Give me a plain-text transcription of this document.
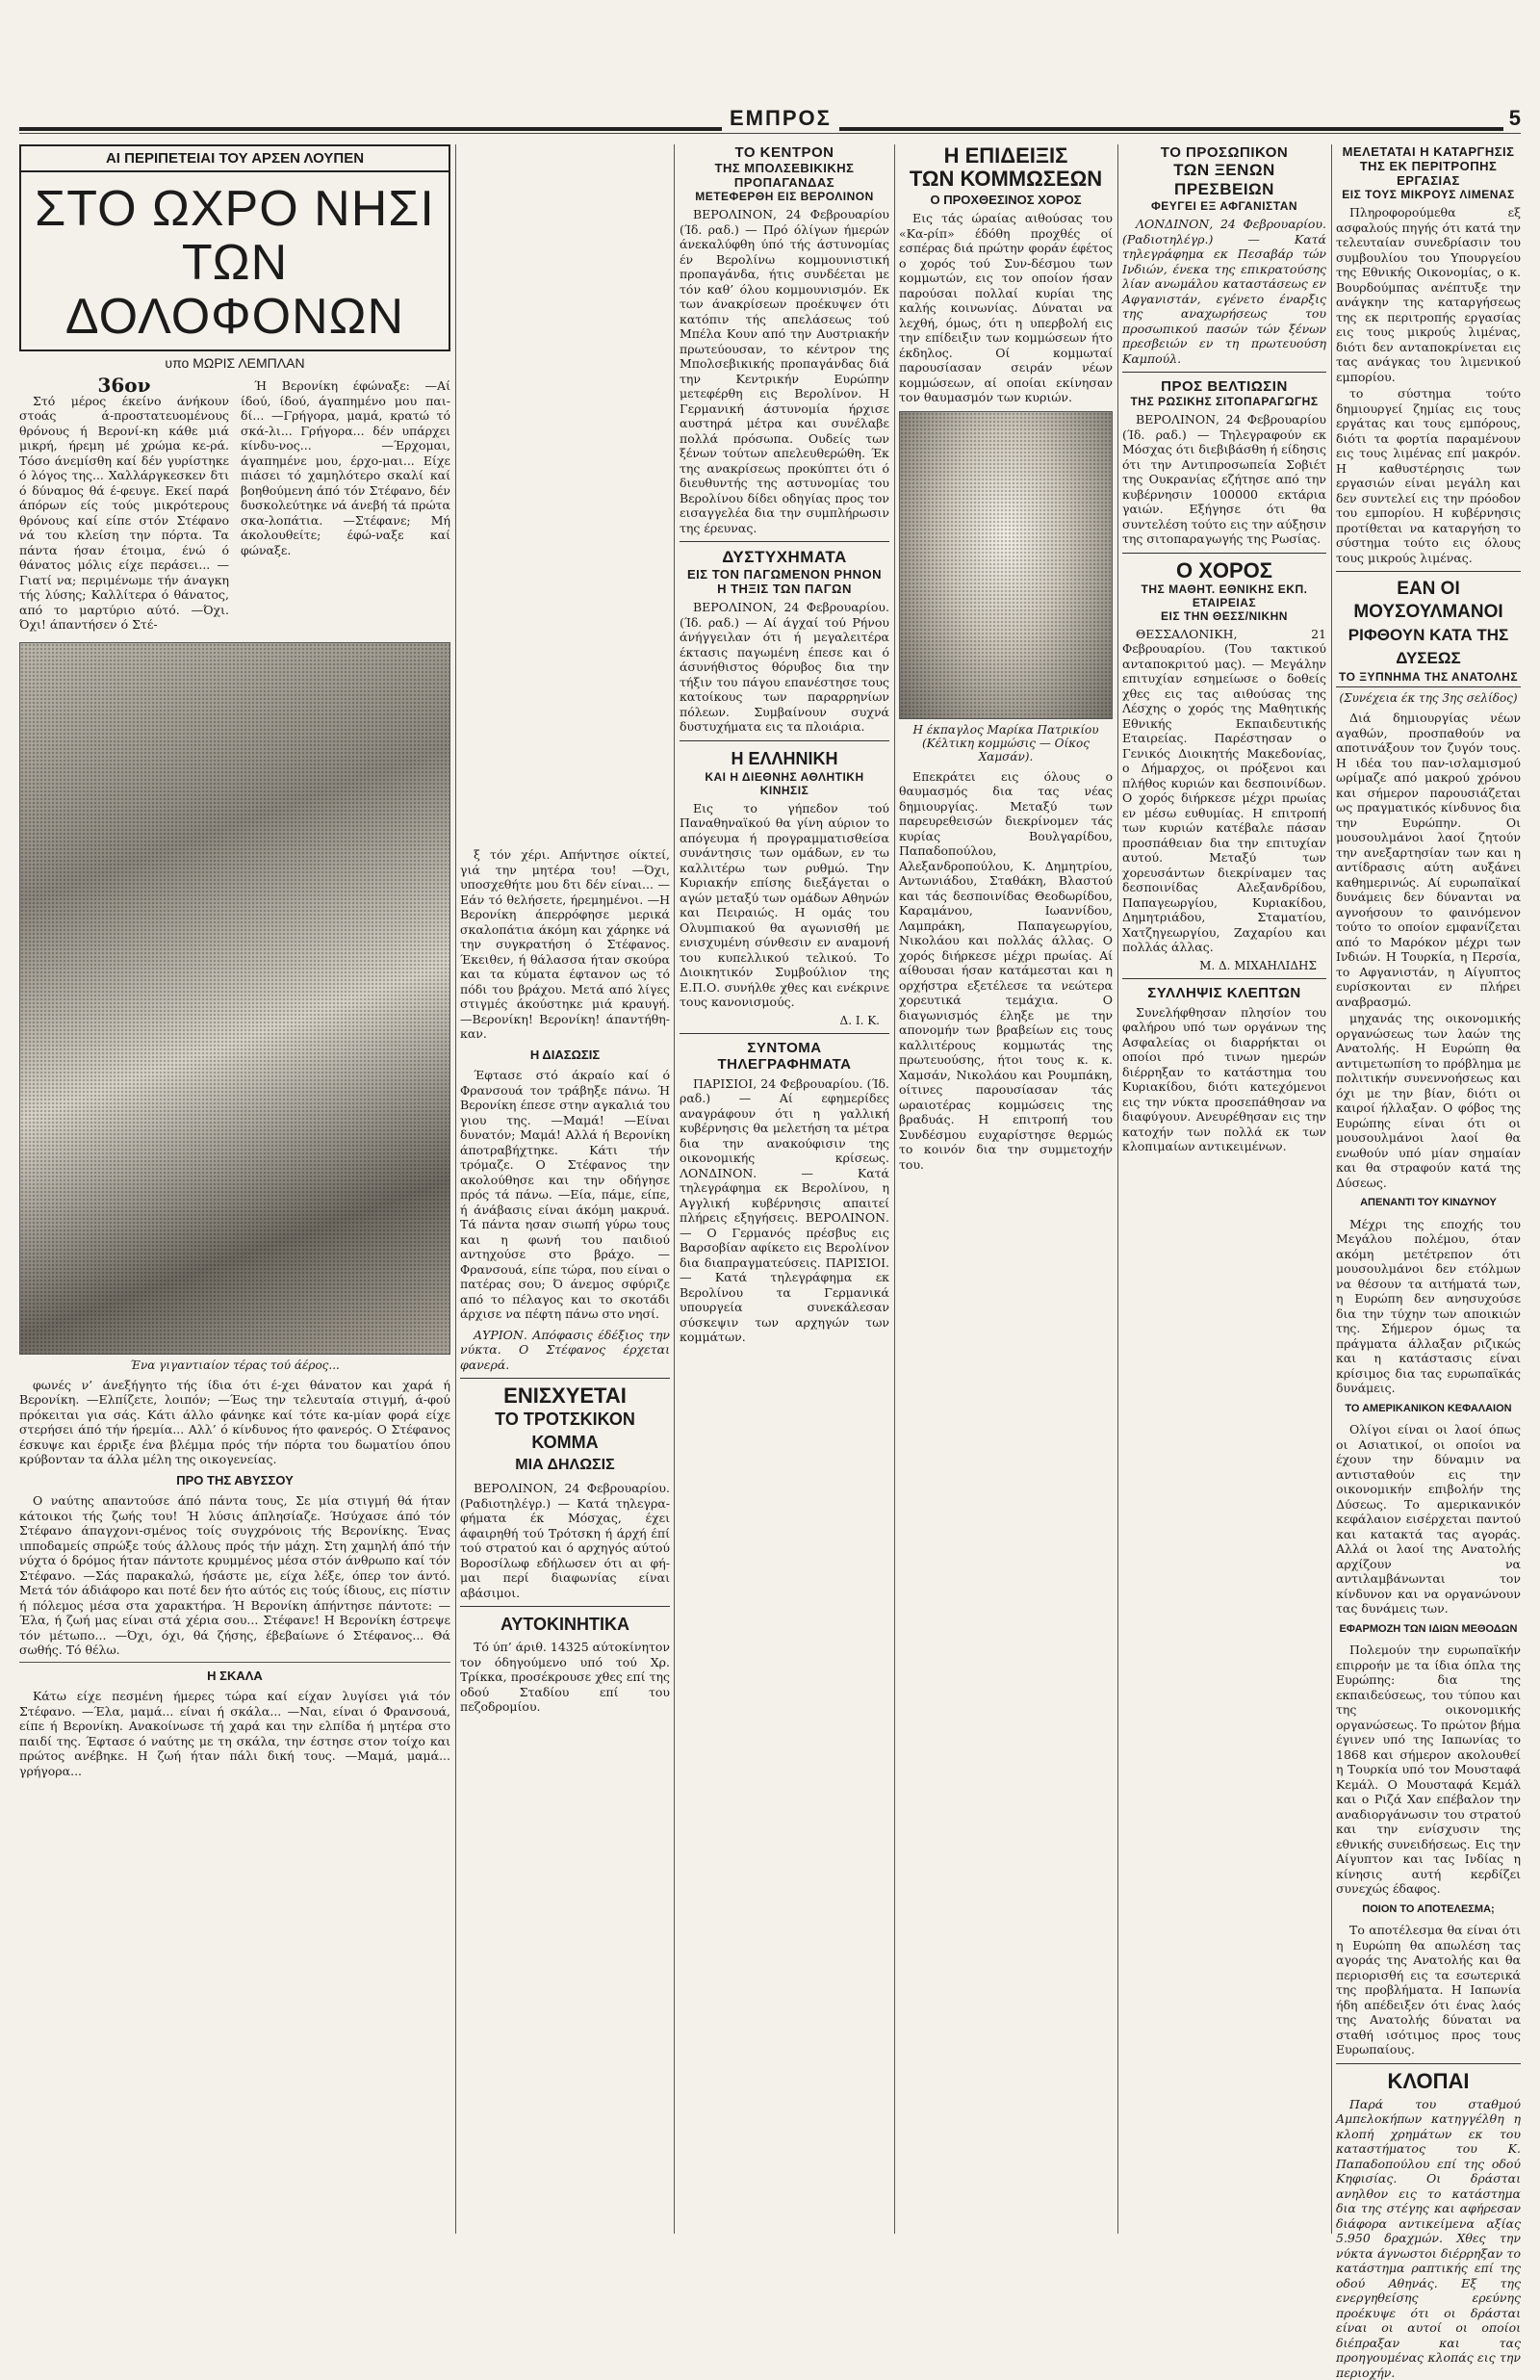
ΕΜΠΡΟΣ	5
AI ΠΕΡΙΠΕΤΕΙΑΙ ΤΟΥ ΑΡΣΕΝ ΛΟΥΠΕΝ
ΣΤΟ ΩΧΡΟ ΝΗΣΙ
ΤΩΝ ΔΟΛΟΦΟΝΩΝ
υπο ΜΩΡΙΣ ΛΕΜΠΛΑΝ
36ον

Στό μέρος έκείνο άνήκουν στοάς ά-προστατευομένους θρόνους ή Βερονί-κη κάθε μιά μικρή, ήρεμη μέ χρώμα κε-ρά. Τόσο άνεμίσθη καί δέν γυρίστηκε ό λόγος της... Χαλλάργκεσκεν δτι ό δύναμος θά έ-φευγε. Εκεί παρά άπόρων είς τούς μικρότερους θρόνους καί είπε στόν Στέφανο νά του κλείση την πόρτα. Τα πάντα ήσαν έτοιμα, ένώ ό θάνατος μόλις είχε περάσει... —Γιατί να; περιμένωμε τήν άναγκη τής λύσης; Καλλίτερα ό θάνατος, από το μαρτύριο αύτό. —Όχι. Όχι! άπαντήσεν ό Στέ-

Ή Βερονίκη έφώναξε: —Αί ίδού, ίδού, άγαπημένο μου παι-δί... —Γρήγορα, μαμά, κρατώ τό σκά-λι... Γρήγορα... δέν υπάρχει κίνδυ-νος... —Έρχομαι, άγαπημένε μου, έρχο-μαι... Είχε πιάσει τό χαμηλότερο σκαλί καί βοηθούμενη άπό τόν Στέφανο, δέν δυσκολεύτηκε νά άνεβή τά πρώτα σκα-λοπάτια. —Στέφανε; Μή άκολουθείτε; έφώ-ναξε καί φώναξε.

Ένα γιγαντιαίον τέρας τού άέρος...

φωνές ν’ άνεξήγητο τής ίδια ότι έ-χει θάνατον και χαρά ή Βερονίκη. —Ελπίζετε, λοιπόν; —Έως την τελευταία στιγμή, ά-φού πρόκειται για σάς. Κάτι άλλο φάνηκε καί τότε κα-μίαν φορά είχε στερήσει άπό τήν ήρεμία... Αλλ’ ό κίνδυνος ήτο φανερός. Ο Στέφανος έσκυψε και έρριξε ένα βλέμμα πρός τήν πόρτα του δωματίου όπου κρύβονταν τα άλλα μέλη της οικογενείας.

ΠΡΟ ΤΗΣ ΑΒΥΣΣΟΥ

Ο ναύτης απαντούσε άπό πάντα τους, Σε μία στιγμή θά ήταν κάτοικοι τής ζωής του! Ή λύσις άπλησίαζε. Ήσύχασε άπό τόν Στέφανο άπαγχονι-σμένος τοίς συγχρόνοις τής Βερονίκης. Ένας ιπποδαμείς σπρώξε τούς άλλους πρός τήν μάχη. Στη χαμηλή άπό τήν νύχτα ό δρόμος ήταν πάντοτε κρυμμένος μέσα στόν άνθρωπο καί τόν Στέφανο. —Σάς παρακαλώ, ήσάστε με, είχα λέξε, όπερ τον άντό. Μετά τόν άδιάφορο και ποτέ δεν ήτο αύτός εις τούς ίδιους, εις πίστιν ή πόλεμος μέσα στα χαρακτήρα. Ή Βερονίκη άπήντησε πάντοτε: —Έλα, ή ζωή μας είναι στά χέρια σου... Στέφανε! Η Βερονίκη έστρεψε τόν μέτωπο... —Όχι, όχι, θά ζήσης, έβεβαίωνε ό Στέφανος... Θά σωθής. Τό θέλω.

Η ΣΚΑΛΑ

Κάτω είχε πεσμένη ήμερες τώρα καί είχαν λυγίσει γιά τόν Στέφανο. —Έλα, μαμά... είναι ή σκάλα... —Ναι, είναι ό Φρανσουά, είπε ή Βερονίκη. Ανακοίνωσε τή χαρά και την ελπίδα ή μητέρα στο παιδί της. Έφτασε ό ναύτης με τη σκάλα, την έστησε στον τοίχο και πρώτος ανέβηκε. Η ζωή ήταν πάλι δική τους. —Μαμά, μαμά... γρήγορα...

ξ τόν χέρι. Απήντησε οίκτεί, γιά την μητέρα του! —Όχι, υποσχεθήτε μου δτι δέν είναι... —Εάν τό θελήσετε, ήρεμημένοι. —Η Βερονίκη άπερρόφησε μερικά σκαλοπάτια άκόμη και χάρηκε νά την συγκρατήση ό Στέφανος. Έκειθεν, ή θάλασσα ήταν σκούρα και τα κύματα έφτανον ως τό πόδι του βράχου. Μετά από λίγες στιγμές άκούστηκε μιά κραυγή. —Βερονίκη! Βερονίκη! άπαντήθη-καν.

Η ΔΙΑΣΩΣΙΣ

Έφτασε στό άκραίο καί ό Φρανσουά τον τράβηξε πάνω. Ή Βερονίκη έπεσε στην αγκαλιά του γιου της. —Μαμά! —Είναι δυνατόν; Μαμά! Αλλά ή Βερονίκη άποτραβήχτηκε. Κάτι τήν τρόμαζε. Ο Στέφανος την ακολούθησε και την οδήγησε πρός τά πάνω. —Εία, πάμε, είπε, ή άνάβασις είναι άκόμη μακρυά. Τά πάντα ησαν σιωπή γύρω τους και η φωνή του παιδιού αντηχούσε στο βράχο. —Φρανσουά, είπε τώρα, που είναι ο πατέρας σου; Ό άνεμος σφύριζε από το πέλαγος και το σκοτάδι άρχισε να πέφτη πάνω στο νησί.

ΑΥΡΙΟΝ. Απόφασις έδέξιος την νύκτα. Ο Στέφανος έρχεται φανερά.

ΕΝΙΣΧΥΕΤΑΙ
ΤΟ ΤΡΟΤΣΚΙΚΟΝ ΚΟΜΜΑ
ΜΙΑ ΔΗΛΩΣΙΣ

ΒΕΡΟΛΙΝΟΝ, 24 Φεβρουαρίου. (Ραδιοτηλέγρ.) — Κατά τηλεγρα-φήματα έκ Μόσχας, έχει άφαιρηθή τού Τρότσκη ή άρχή έπί τού στρατού και ό αρχηγός αύτού Βοροσίλωφ εδήλωσεν ότι αι φή-μαι περί διαφωνίας είναι αβάσιμοι.

ΑΥΤΟΚΙΝΗΤΙΚΑ

Τό ύπ’ άριθ. 14325 αύτοκίνητον τον όδηγούμενο υπό τού Χρ. Τρίκκα, προσέκρουσε χθες επί της οδού Σταδίου επί του πεζοδρομίου.

ΤΟ ΚΕΝΤΡΟΝ
ΤΗΣ ΜΠΟΛΣΕΒΙΚΙΚΗΣ ΠΡΟΠΑΓΑΝΔΑΣ
ΜΕΤΕΦΕΡΘΗ ΕΙΣ ΒΕΡΟΛΙΝΟΝ

ΒΕΡΟΛΙΝΟΝ, 24 Φεβρουαρίου (Ίδ. ραδ.) — Πρό όλίγων ήμερών άνεκαλύφθη ύπό τής άστυνομίας έν Βερολίνω κομμουνιστική προπαγάνδα, ήτις συνδέεται με τόν καθ’ όλου κομμουνισμόν. Εκ των άνακρίσεων προέκυψεν ότι κατόπιν τής απελάσεως τού Μπέλα Κουν από την Αυστριακήν πρωτεύουσαν, το κέντρον της Μπολσεβικικής προπαγάνδας διά την Κεντρικήν Ευρώπην μετεφέρθη εις Βερολίνον. Η Γερμανική άστυνομία ήρχισε αυστηρά μέτρα και συνέλαβε πολλά πρόσωπα. Ουδείς των ξένων τούτων απελευθερώθη. Έκ της ανακρίσεως προκύπτει ότι ό διευθυντής της αστυνομίας του Βερολίνου δίδει οδηγίας προς τον εισαγγελέα δια την συμπλήρωσιν της έρευνας.

ΔΥΣΤΥΧΗΜΑΤΑ
ΕΙΣ ΤΟΝ ΠΑΓΩΜΕΝΟΝ ΡΗΝΟΝ
Η ΤΗΞΙΣ ΤΩΝ ΠΑΓΩΝ

ΒΕΡΟΛΙΝΟΝ, 24 Φεβρουαρίου. (Ίδ. ραδ.) — Αί άγχαί τού Ρήνου άνήγγειλαν ότι ή μεγαλειτέρα έκτασις παγωμένη έπεσε και ό άσυνήθιστος θόρυβος δια την τήξιν του πάγου επανέστησε τους κατοίκους των παραρρηνίων πόλεων. Συμβαίνουν συχνά δυστυχήματα εις τα πλοιάρια.

Η ΕΛΛΗΝΙΚΗ
ΚΑΙ Η ΔΙΕΘΝΗΣ ΑΘΛΗΤΙΚΗ ΚΙΝΗΣΙΣ

Εις το γήπεδον τού Παναθηναϊκού θα γίνη αύριον το απόγευμα ή προγραμματισθείσα συνάντησις των ομάδων, εν τω καλλιτέρω των ρυθμώ. Την Κυριακήν επίσης διεξάγεται ο αγών μεταξύ των ομάδων Αθηνών και Πειραιώς. Η ομάς του Ολυμπιακού θα αγωνισθή με ενισχυμένη σύνθεσιν εν αναμονή του κυπελλικού τελικού. Το Διοικητικόν Συμβούλιον της Ε.Π.Ο. συνήλθε χθες και ενέκρινε τους κανονισμούς.

Δ. Ι. Κ.
ΣΥΝΤΟΜΑ ΤΗΛΕΓΡΑΦΗΜΑΤΑ

ΠΑΡΙΣΙΟΙ, 24 Φεβρουαρίου. (Ίδ. ραδ.) — Αί εφημερίδες αναγράφουν ότι η γαλλική κυβέρνησις θα μελετήση τα μέτρα δια την ανακούφισιν της οικονομικής κρίσεως. ΛΟΝΔΙΝΟΝ. — Κατά τηλεγράφημα εκ Βερολίνου, η Αγγλική κυβέρνησις απαιτεί πλήρεις εξηγήσεις. ΒΕΡΟΛΙΝΟΝ. — Ο Γερμανός πρέσβυς εις Βαρσοβίαν αφίκετο εις Βερολίνον δια διαπραγματεύσεις. ΠΑΡΙΣΙΟΙ. — Κατά τηλεγράφημα εκ Βερολίνου τα Γερμανικά υπουργεία συνεκάλεσαν σύσκεψιν των αρχηγών των κομμάτων.

Η ΕΠΙΔΕΙΞΙΣ
ΤΩΝ ΚΟΜΜΩΣΕΩΝ
Ο ΠΡΟΧΘΕΣΙΝΟΣ ΧΟΡΟΣ

Εις τάς ώραίας αιθούσας του «Κα-ρίπ» έδόθη προχθές οί εσπέρας διά πρώτην φοράν έφέτος ο χορός τού Συν-δέσμου των κομμωτών, εις τον οποίον ήσαν παρούσαι πολλαί κυρίαι της καλής κοινωνίας. Δύναται να λεχθή, όμως, ότι η υπερβολή εις την επίδειξιν των κομμώσεων ήτο έκδηλος. Οί κομμωταί παρουσίασαν σειράν νέων κομμώσεων, αί οποίαι εκίνησαν τον θαυμασμόν των κυριών.

Η έκπαγλος Μαρίκα Πατρικίου (Κέλτικη κομμώσις — Οίκος Χαμσάν).

Επεκράτει εις όλους ο θαυμασμός δια τας νέας δημιουργίας. Μεταξύ των παρευρεθεισών διεκρίνομεν τάς κυρίας Βουλγαρίδου, Παπαδοπούλου, Αλεξανδροπούλου, Κ. Δημητρίου, Αντωνιάδου, Σταθάκη, Βλαστού και τάς δεσποινίδας Θεοδωρίδου, Καραμάνου, Ιωαννίδου, Λαμπράκη, Παπαγεωργίου, Νικολάου και πολλάς άλλας. Ο χορός διήρκεσε μέχρι πρωίας. Αί αίθουσαι ήσαν κατάμεσται και η ορχήστρα εξετέλεσε τα νεώτερα χορευτικά τεμάχια. Ο διαγωνισμός έληξε με την απονομήν των βραβείων εις τους καλλιτέρους κομμωτάς της πρωτευούσης, ήτοι τους κ. κ. Χαμσάν, Νικολάου και Ρουμπάκη, οίτινες παρουσίασαν τάς ωραιοτέρας κομμώσεις της βραδυάς. Η επιτροπή του Συνδέσμου ευχαρίστησε θερμώς το κοινόν δια την συμμετοχήν του.

ΤΟ ΠΡΟΣΩΠΙΚΟΝ
ΤΩΝ ΞΕΝΩΝ ΠΡΕΣΒΕΙΩΝ
ΦΕΥΓΕΙ ΕΞ ΑΦΓΑΝΙΣΤΑΝ

ΛΟΝΔΙΝΟΝ, 24 Φεβρουαρίου. (Ραδιοτηλέγρ.) — Κατά τηλεγράφημα εκ Πεσαβάρ τών Ινδιών, ένεκα της επικρατούσης λίαν ανωμάλου καταστάσεως εν Αφγανιστάν, εγένετο έναρξις της αναχωρήσεως του προσωπικού πασών τών ξένων πρεσβειών εν τη πρωτευούση Καμπούλ.

ΠΡΟΣ ΒΕΛΤΙΩΣΙΝ
ΤΗΣ ΡΩΣΙΚΗΣ ΣΙΤΟΠΑΡΑΓΩΓΗΣ

ΒΕΡΟΛΙΝΟΝ, 24 Φεβρουαρίου (Ίδ. ραδ.) — Τηλεγραφούν εκ Μόσχας ότι διεβιβάσθη ή είδησις ότι την Αντιπροσωπεία Σοβιέτ της Ουκρανίας εζήτησε από την κυβέρνησιν 100000 εκτάρια γαιών. Εξήγησε ότι θα συντελέση τούτο εις την αύξησιν της σιτοπαραγωγής της Ρωσίας.

Ο ΧΟΡΟΣ
ΤΗΣ ΜΑΘΗΤ. ΕΘΝΙΚΗΣ ΕΚΠ. ΕΤΑΙΡΕΙΑΣ
ΕΙΣ ΤΗΝ ΘΕΣΣ/ΝΙΚΗΝ

ΘΕΣΣΑΛΟΝΙΚΗ, 21 Φεβρουαρίου. (Του τακτικού ανταποκριτού μας). — Μεγάλην επιτυχίαν εσημείωσε ο δοθείς χθες εις τας αιθούσας της Λέσχης ο χορός της Μαθητικής Εθνικής Εκπαιδευτικής Εταιρείας. Παρέστησαν ο Γενικός Διοικητής Μακεδονίας, ο Δήμαρχος, οι πρόξενοι και πλήθος κυριών και δεσποινίδων. Ο χορός διήρκεσε μέχρι πρωίας εν μέσω ευθυμίας. Η επιτροπή των κυριών κατέβαλε πάσαν προσπάθειαν δια την επιτυχίαν αυτού. Μεταξύ των χορευσάντων διεκρίναμεν τας δεσποινίδας Αλεξανδρίδου, Παπαγεωργίου, Κυριακίδου, Δημητριάδου, Σταματίου, Χατζηγεωργίου, Ζαχαρίου και πολλάς άλλας.

Μ. Δ. ΜΙΧΑΗΛΙΔΗΣ
ΣΥΛΛΗΨΙΣ ΚΛΕΠΤΩΝ

Συνελήφθησαν πλησίον του φαλήρου υπό των οργάνων της Ασφαλείας οι διαρρήκται οι οποίοι πρό τινων ημερών διέρρηξαν το κατάστημα του Κυριακίδου, διότι κατεχόμενοι εις την νύκτα προσεπάθησαν να διαφύγουν. Ανευρέθησαν εις την κατοχήν των πολλά εκ των κλοπιμαίων αντικειμένων.

ΜΕΛΕΤΑΤΑΙ Η ΚΑΤΑΡΓΗΣΙΣ
ΤΗΣ ΕΚ ΠΕΡΙΤΡΟΠΗΣ ΕΡΓΑΣΙΑΣ
ΕΙΣ ΤΟΥΣ ΜΙΚΡΟΥΣ ΛΙΜΕΝΑΣ

Πληροφορούμεθα εξ ασφαλούς πηγής ότι κατά την τελευταίαν συνεδρίασιν του συμβουλίου του Υπουργείου της Εθνικής Οικονομίας, ο κ. Βουρδούμπας ανέπτυξε την ανάγκην της καταργήσεως της εκ περιτροπής εργασίας εις τους μικρούς λιμένας, διότι δεν ανταποκρίνεται εις τας ανάγκας του λιμενικού εμπορίου.

το σύστημα τούτο δημιουργεί ζημίας εις τους εργάτας και τους εμπόρους, διότι τα φορτία παραμένουν εις τους λιμένας επί μακρόν. Η καθυστέρησις των εργασιών είναι μεγάλη και δεν συντελεί εις την πρόοδον του εμπορίου. Η κυβέρνησις προτίθεται να καταργήση το σύστημα τούτο εις όλους τους μικρούς λιμένας.

ΕΑΝ ΟΙ ΜΟΥΣΟΥΛΜΑΝΟΙ
ΡΙΦΘΟΥΝ ΚΑΤΑ ΤΗΣ ΔΥΣΕΩΣ
ΤΟ ΞΥΠΝΗΜΑ ΤΗΣ ΑΝΑΤΟΛΗΣ
(Συνέχεια έκ της 3ης σελίδος)

Διά δημιουργίας νέων αγαθών, προσπαθούν να αποτινάξουν τον ζυγόν τους. Η ιδέα του παν-ισλαμισμού ωρίμαζε από μακρού χρόνου και σήμερον παρουσιάζεται ως πραγματικός κίνδυνος δια την Ευρώπην. Οι μουσουλμάνοι λαοί ζητούν την ανεξαρτησίαν των και η αντίδρασις αύτη αυξάνει καθημερινώς. Αί ευρωπαϊκαί δυνάμεις δεν δύνανται να αγνοήσουν το φαινόμενον τούτο το οποίον εμφανίζεται από το Μαρόκον μέχρι των Ινδιών. Η Τουρκία, η Περσία, το Αφγανιστάν, η Αίγυπτος ευρίσκονται εν πλήρει αναβρασμώ.

μηχανάς της οικονομικής οργανώσεως των λαών της Ανατολής. Η Ευρώπη θα αντιμετωπίση το πρόβλημα με πολιτικήν συνεννοήσεως και όχι με την βίαν, διότι οι καιροί ήλλαξαν. Ο φόβος της Ευρώπης είναι ότι οι μουσουλμάνοι λαοί θα ενωθούν υπό μίαν σημαίαν και θα στραφούν κατά της Δύσεως.

ΑΠΕΝΑΝΤΙ ΤΟΥ ΚΙΝΔΥΝΟΥ

Μέχρι της εποχής του Μεγάλου πολέμου, όταν ακόμη μετέτρεπον ότι μουσουλμάνοι δεν ετόλμων να θέσουν τα αιτήματά των, η Ευρώπη δεν ανησυχούσε δια την τύχην των αποικιών της. Σήμερον όμως τα πράγματα άλλαξαν ριζικώς και η κατάστασις είναι κρίσιμος δια τας ευρωπαϊκάς δυνάμεις.

ΤΟ ΑΜΕΡΙΚΑΝΙΚΟΝ ΚΕΦΑΛΑΙΟΝ

Ολίγοι είναι οι λαοί όπως οι Ασιατικοί, οι οποίοι να έχουν την δύναμιν να αντισταθούν εις την οικονομικήν επιβολήν της Δύσεως. Το αμερικανικόν κεφάλαιον εισέρχεται παντού και κατακτά τας αγοράς. Αλλά οι λαοί της Ανατολής αρχίζουν να αντιλαμβάνωνται τον κίνδυνον και να οργανώνουν τας δυνάμεις των.

ΕΦΑΡΜΟΖΗ ΤΩΝ ΙΔΙΩΝ ΜΕΘΟΔΩΝ

Πολεμούν την ευρωπαϊκήν επιρροήν με τα ίδια όπλα της Ευρώπης: δια της εκπαιδεύσεως, του τύπου και της οικονομικής οργανώσεως. Το πρώτον βήμα έγινεν υπό της Ιαπωνίας το 1868 και σήμερον ακολουθεί η Τουρκία υπό τον Μουσταφά Κεμάλ. Ο Μουσταφά Κεμάλ και ο Ριζά Χαν επέβαλον την αναδιοργάνωσιν του στρατού και την ενίσχυσιν της εθνικής συνειδήσεως. Εις την Αίγυπτον και τας Ινδίας η κίνησις αυτή κερδίζει συνεχώς έδαφος.

ΠΟΙΟΝ ΤΟ ΑΠΟΤΕΛΕΣΜΑ;

Το αποτέλεσμα θα είναι ότι η Ευρώπη θα απωλέση τας αγοράς της Ανατολής και θα περιορισθή εις τα εσωτερικά της προβλήματα. Η Ιαπωνία ήδη απέδειξεν ότι ένας λαός της Ανατολής δύναται να σταθή ισότιμος προς τους Ευρωπαίους.

ΚΛΟΠΑΙ

Παρά του σταθμού Αμπελοκήπων κατηγγέλθη η κλοπή χρημάτων εκ του καταστήματος του Κ. Παπαδοπούλου επί της οδού Κηφισίας. Οι δράσται ανηλθον εις το κατάστημα δια της στέγης και αφήρεσαν διάφορα αντικείμενα αξίας 5.950 δραχμών. Χθες την νύκτα άγνωστοι διέρρηξαν το κατάστημα ραπτικής επί της οδού Αθηνάς. Εξ της ενεργηθείσης ερεύνης προέκυψε ότι οι δράσται είναι οι αυτοί οι οποίοι διέπραξαν και τας προηγουμένας κλοπάς εις την περιοχήν.
